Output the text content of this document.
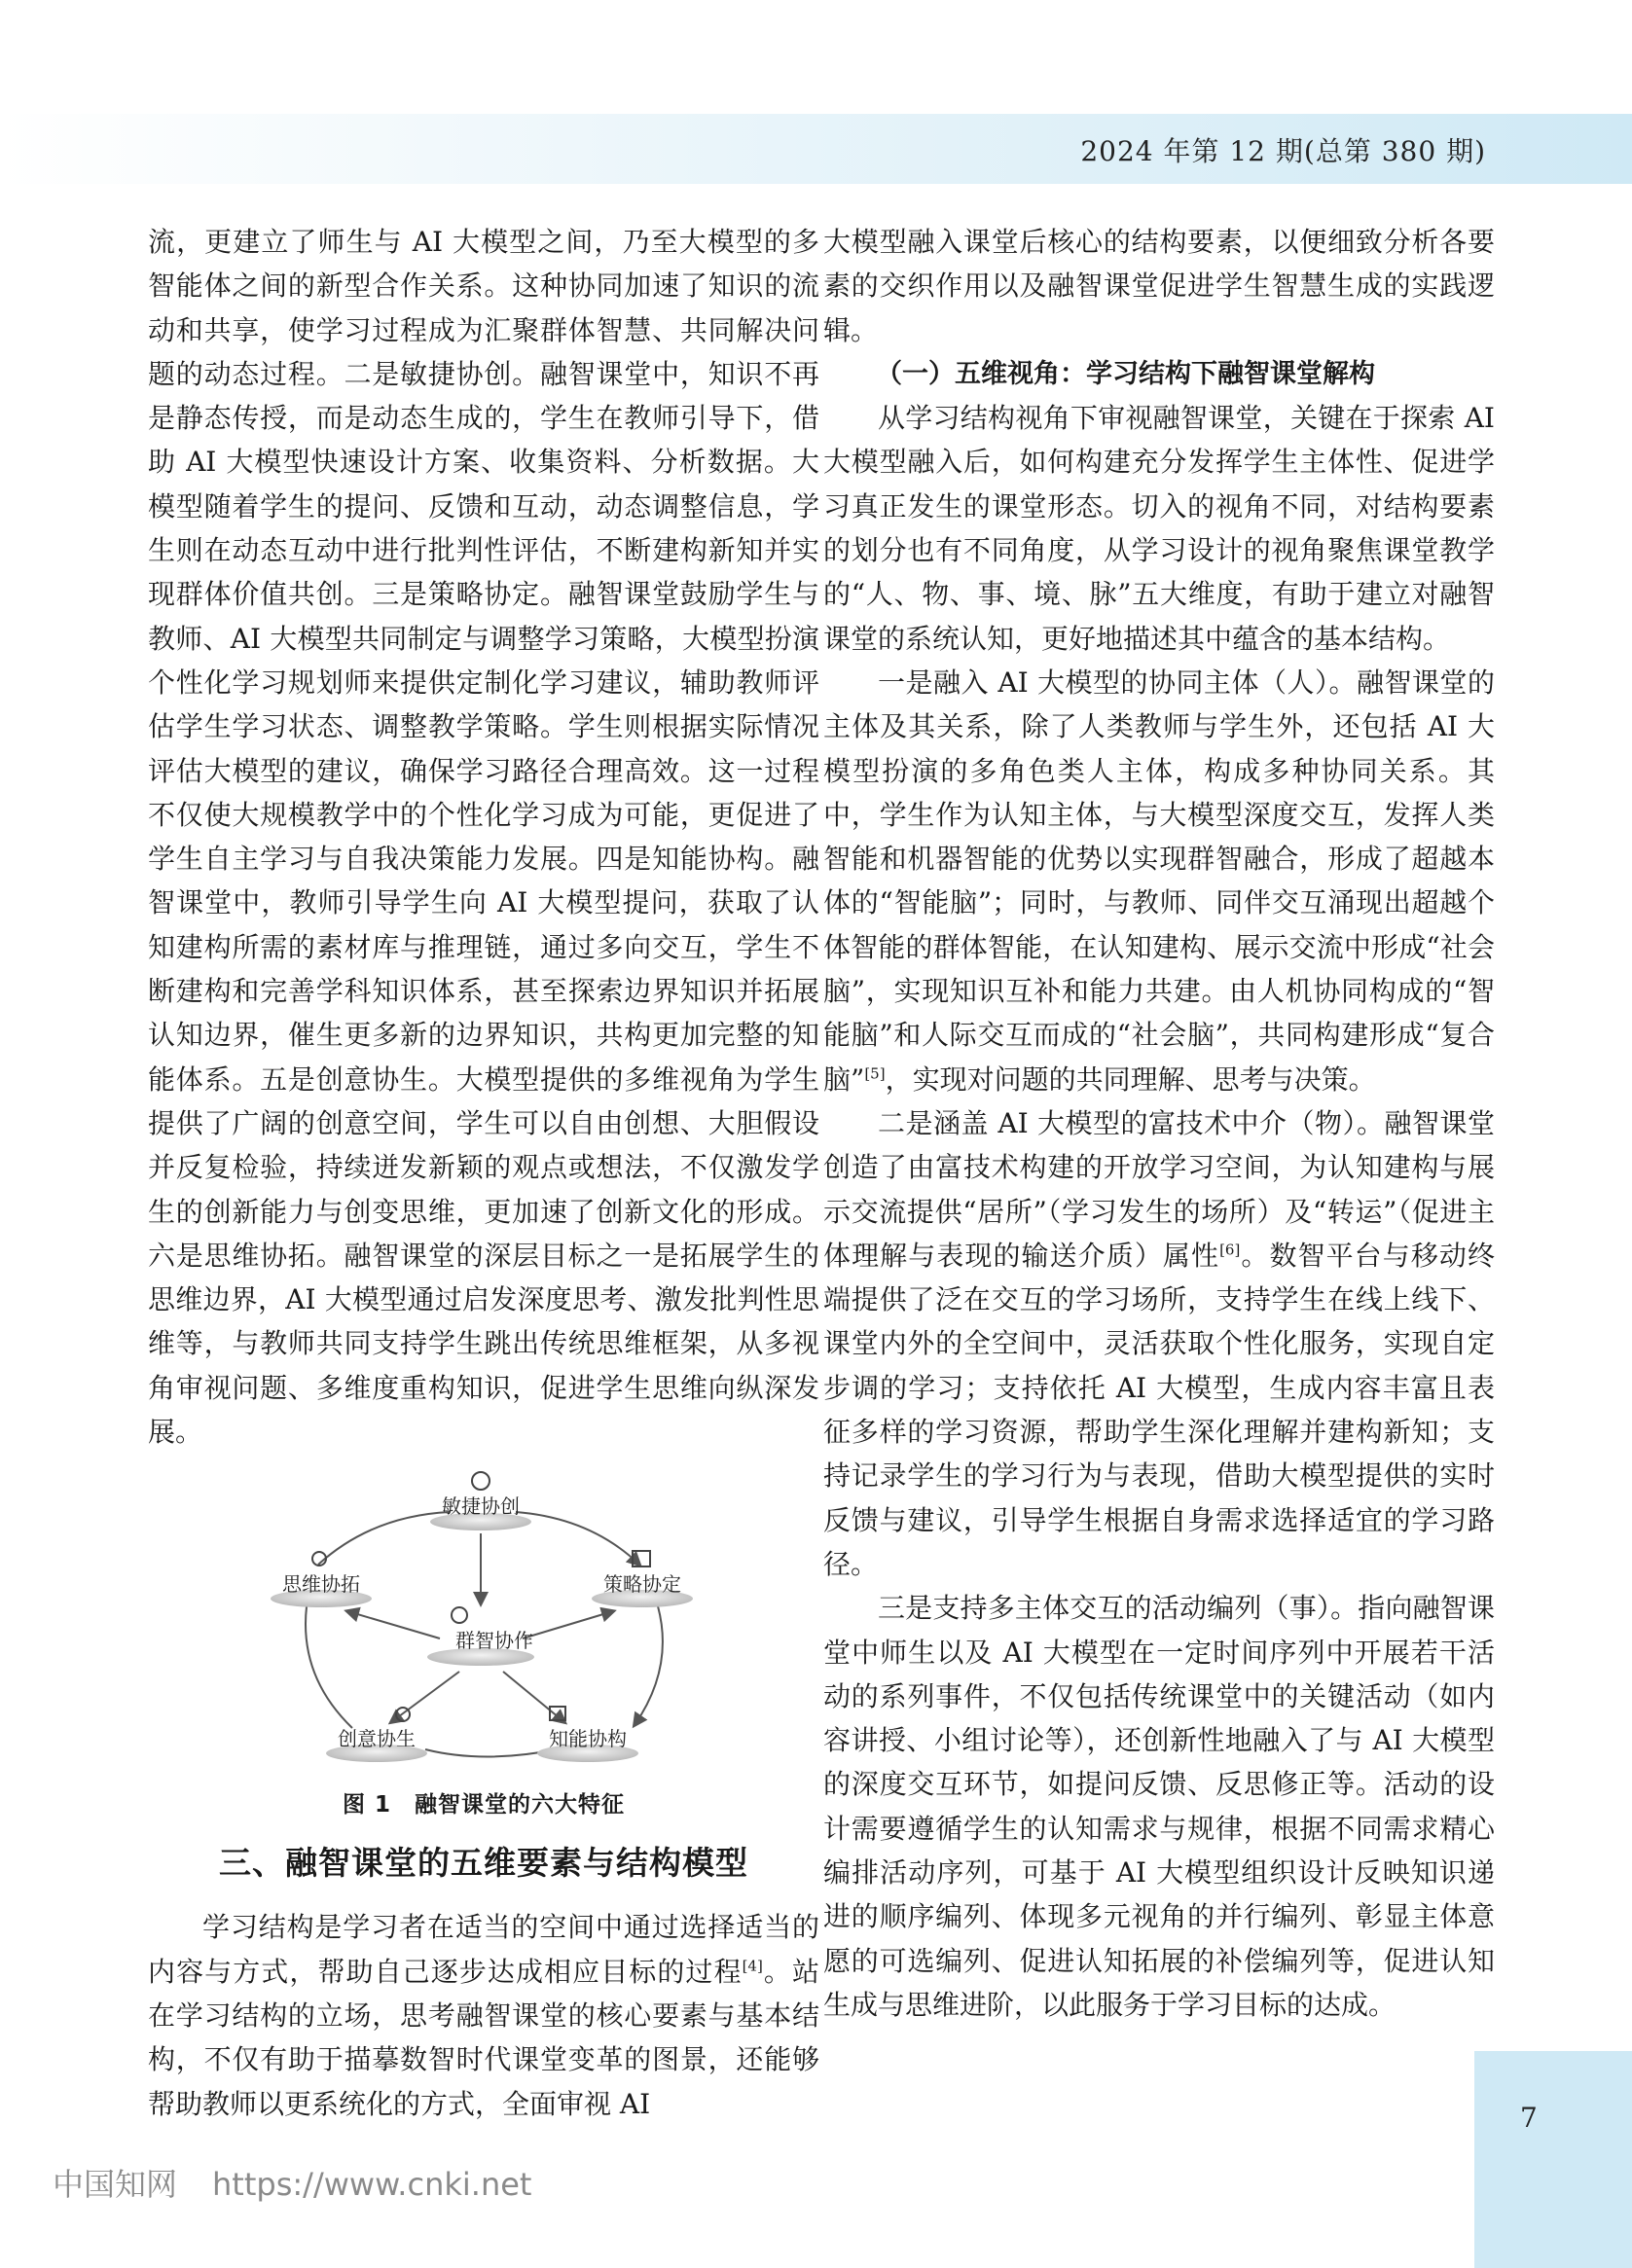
2024 年第 12 期(总第 380 期)

流，更建立了师生与 AI 大模型之间，乃至大模型的多智能体之间的新型合作关系。这种协同加速了知识的流动和共享，使学习过程成为汇聚群体智慧、共同解决问题的动态过程。二是敏捷协创。融智课堂中，知识不再是静态传授，而是动态生成的，学生在教师引导下，借助 AI 大模型快速设计方案、收集资料、分析数据。大模型随着学生的提问、反馈和互动，动态调整信息，学生则在动态互动中进行批判性评估，不断建构新知并实现群体价值共创。三是策略协定。融智课堂鼓励学生与教师、AI 大模型共同制定与调整学习策略，大模型扮演个性化学习规划师来提供定制化学习建议，辅助教师评估学生学习状态、调整教学策略。学生则根据实际情况评估大模型的建议，确保学习路径合理高效。这一过程不仅使大规模教学中的个性化学习成为可能，更促进了学生自主学习与自我决策能力发展。四是知能协构。融智课堂中，教师引导学生向 AI 大模型提问，获取了认知建构所需的素材库与推理链，通过多向交互，学生不断建构和完善学科知识体系，甚至探索边界知识并拓展认知边界，催生更多新的边界知识，共构更加完整的知能体系。五是创意协生。大模型提供的多维视角为学生提供了广阔的创意空间，学生可以自由创想、大胆假设并反复检验，持续迸发新颖的观点或想法，不仅激发学生的创新能力与创变思维，更加速了创新文化的形成。六是思维协拓。融智课堂的深层目标之一是拓展学生的思维边界，AI 大模型通过启发深度思考、激发批判性思维等，与教师共同支持学生跳出传统思维框架，从多视角审视问题、多维度重构知识，促进学生思维向纵深发展。

敏捷协创
思维协拓	策略协定
群智协作
创意协生	知能协构
图 1　融智课堂的六大特征
三、融智课堂的五维要素与结构模型

学习结构是学习者在适当的空间中通过选择适当的内容与方式，帮助自己逐步达成相应目标的过程[4]。站在学习结构的立场，思考融智课堂的核心要素与基本结构，不仅有助于描摹数智时代课堂变革的图景，还能够帮助教师以更系统化的方式，全面审视 AI

大模型融入课堂后核心的结构要素，以便细致分析各要素的交织作用以及融智课堂促进学生智慧生成的实践逻辑。

（一）五维视角：学习结构下融智课堂解构

从学习结构视角下审视融智课堂，关键在于探索 AI 大模型融入后，如何构建充分发挥学生主体性、促进学习真正发生的课堂形态。切入的视角不同，对结构要素的划分也有不同角度，从学习设计的视角聚焦课堂教学的“人、物、事、境、脉”五大维度，有助于建立对融智课堂的系统认知，更好地描述其中蕴含的基本结构。

一是融入 AI 大模型的协同主体（人）。融智课堂的主体及其关系，除了人类教师与学生外，还包括 AI 大模型扮演的多角色类人主体，构成多种协同关系。其中，学生作为认知主体，与大模型深度交互，发挥人类智能和机器智能的优势以实现群智融合，形成了超越本体的“智能脑”；同时，与教师、同伴交互涌现出超越个体智能的群体智能，在认知建构、展示交流中形成“社会脑”，实现知识互补和能力共建。由人机协同构成的“智能脑”和人际交互而成的“社会脑”，共同构建形成“复合脑”[5]，实现对问题的共同理解、思考与决策。

二是涵盖 AI 大模型的富技术中介（物）。融智课堂创造了由富技术构建的开放学习空间，为认知建构与展示交流提供“居所”（学习发生的场所）及“转运”（促进主体理解与表现的输送介质）属性[6]。数智平台与移动终端提供了泛在交互的学习场所，支持学生在线上线下、课堂内外的全空间中，灵活获取个性化服务，实现自定步调的学习；支持依托 AI 大模型，生成内容丰富且表征多样的学习资源，帮助学生深化理解并建构新知；支持记录学生的学习行为与表现，借助大模型提供的实时反馈与建议，引导学生根据自身需求选择适宜的学习路径。

三是支持多主体交互的活动编列（事）。指向融智课堂中师生以及 AI 大模型在一定时间序列中开展若干活动的系列事件，不仅包括传统课堂中的关键活动（如内容讲授、小组讨论等），还创新性地融入了与 AI 大模型的深度交互环节，如提问反馈、反思修正等。活动的设计需要遵循学生的认知需求与规律，根据不同需求精心编排活动序列，可基于 AI 大模型组织设计反映知识递进的顺序编列、体现多元视角的并行编列、彰显主体意愿的可选编列、促进认知拓展的补偿编列等，促进认知生成与思维进阶，以此服务于学习目标的达成。

7
中国知网 https://www.cnki.net
